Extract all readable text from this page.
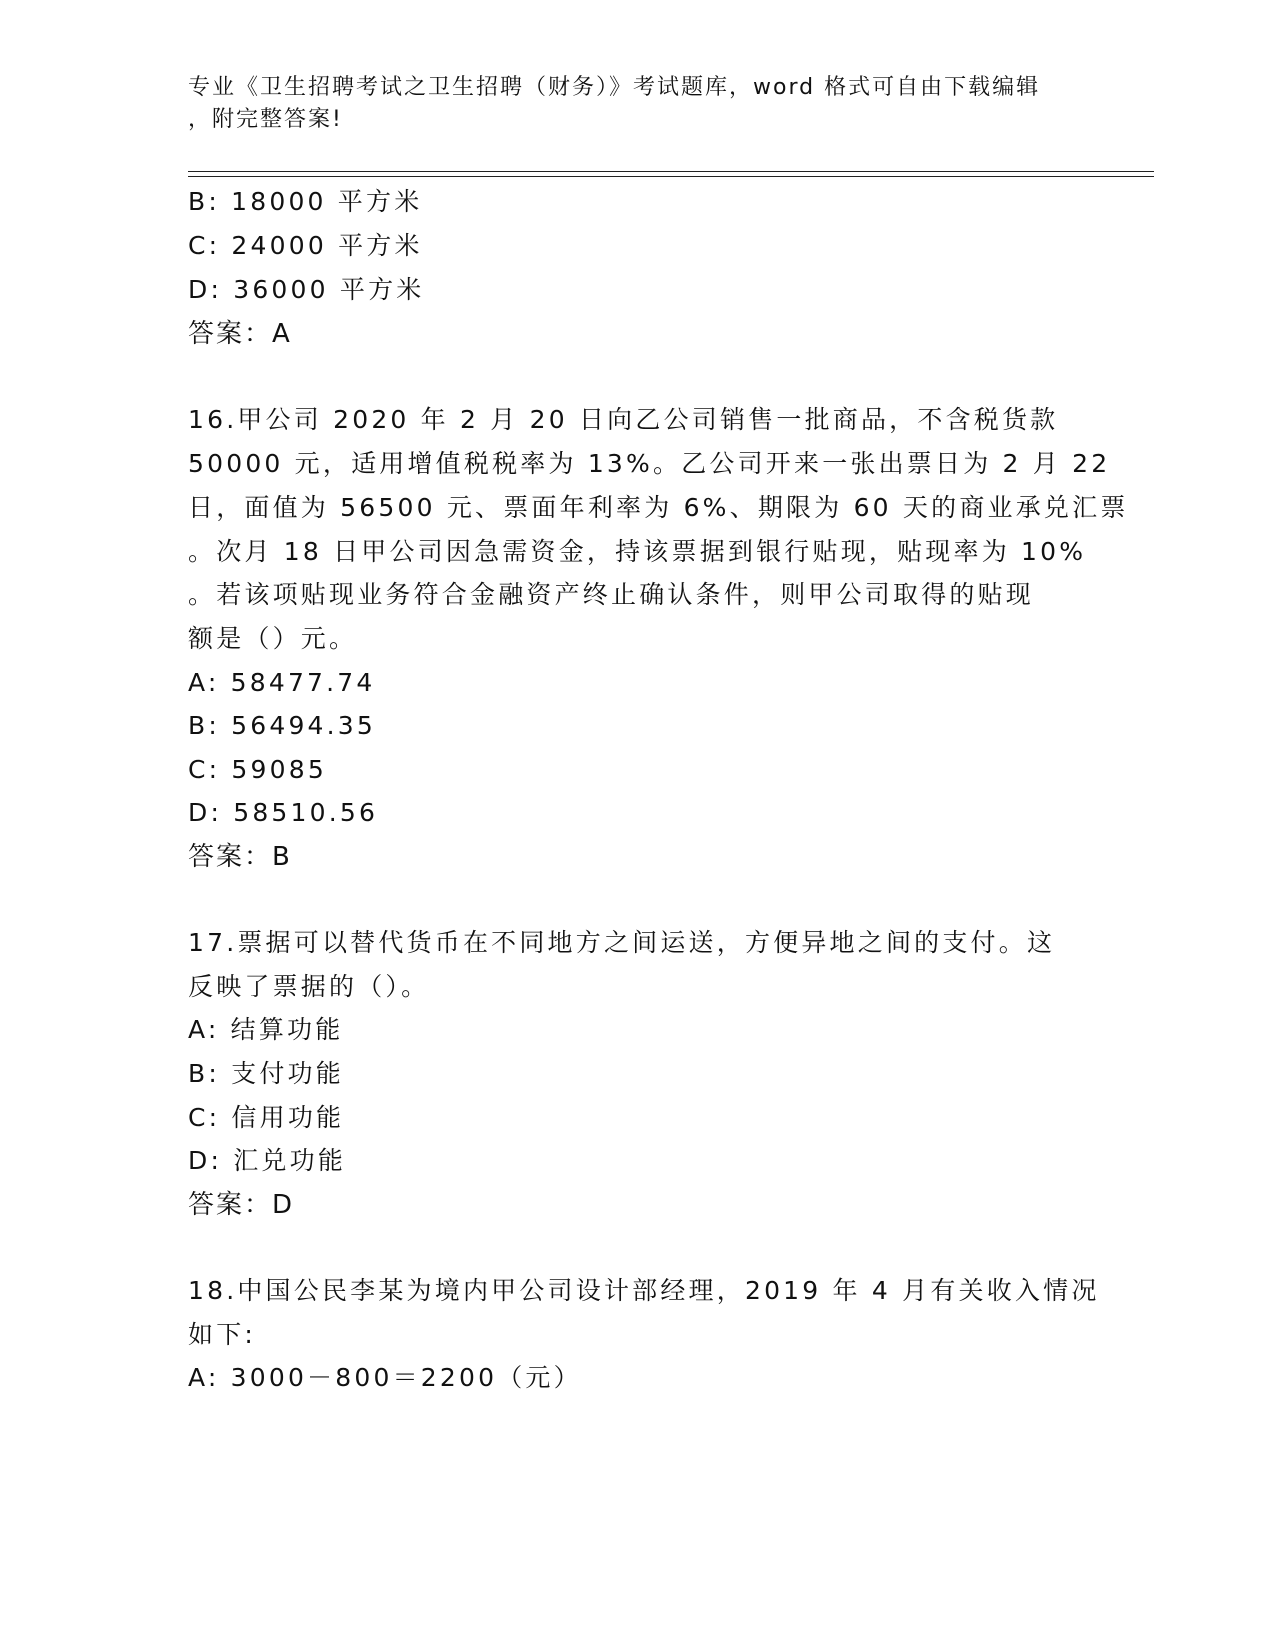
专业《卫生招聘考试之卫生招聘（财务）》考试题库，word 格式可自由下载编辑
，附完整答案!
B: 18000 平方米
C: 24000 平方米
D: 36000 平方米
答案：A
16.甲公司 2020 年 2 月 20 日向乙公司销售一批商品，不含税货款
50000 元，适用增值税税率为 13%。乙公司开来一张出票日为 2 月 22
日，面值为 56500 元、票面年利率为 6%、期限为 60 天的商业承兑汇票
。次月 18 日甲公司因急需资金，持该票据到银行贴现，贴现率为 10%
。若该项贴现业务符合金融资产终止确认条件，则甲公司取得的贴现
额是（）元。
A: 58477.74
B: 56494.35
C: 59085
D: 58510.56
答案：B
17.票据可以替代货币在不同地方之间运送，方便异地之间的支付。这
反映了票据的（）。
A: 结算功能
B: 支付功能
C: 信用功能
D: 汇兑功能
答案：D
18.中国公民李某为境内甲公司设计部经理，2019 年 4 月有关收入情况
如下:
A: 3000－800＝2200（元）
